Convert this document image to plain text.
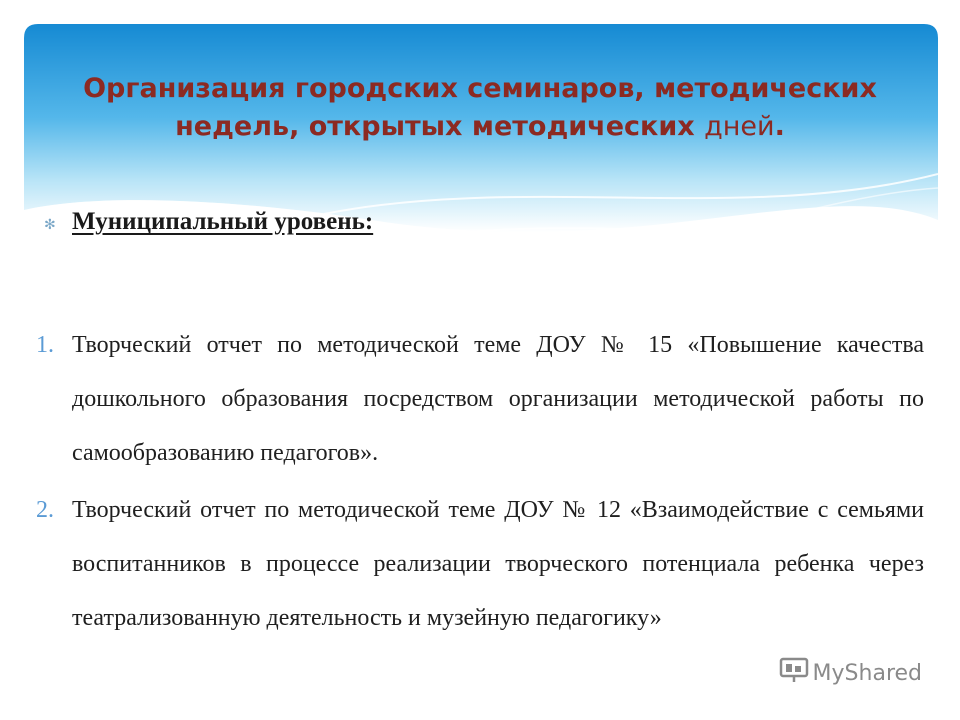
Организация городских семинаров, методических недель, открытых методических дней.
✻ Муниципальный уровень:
1. Творческий отчет по методической теме ДОУ № 15 «Повышение качества дошкольного образования посредством организации методической работы по самообразованию педагогов».
2. Творческий отчет по методической теме ДОУ № 12 «Взаимодействие с семьями воспитанников в процессе реализации творческого потенциала ребенка через театрализованную деятельность и музейную педагогику»
MyShared
